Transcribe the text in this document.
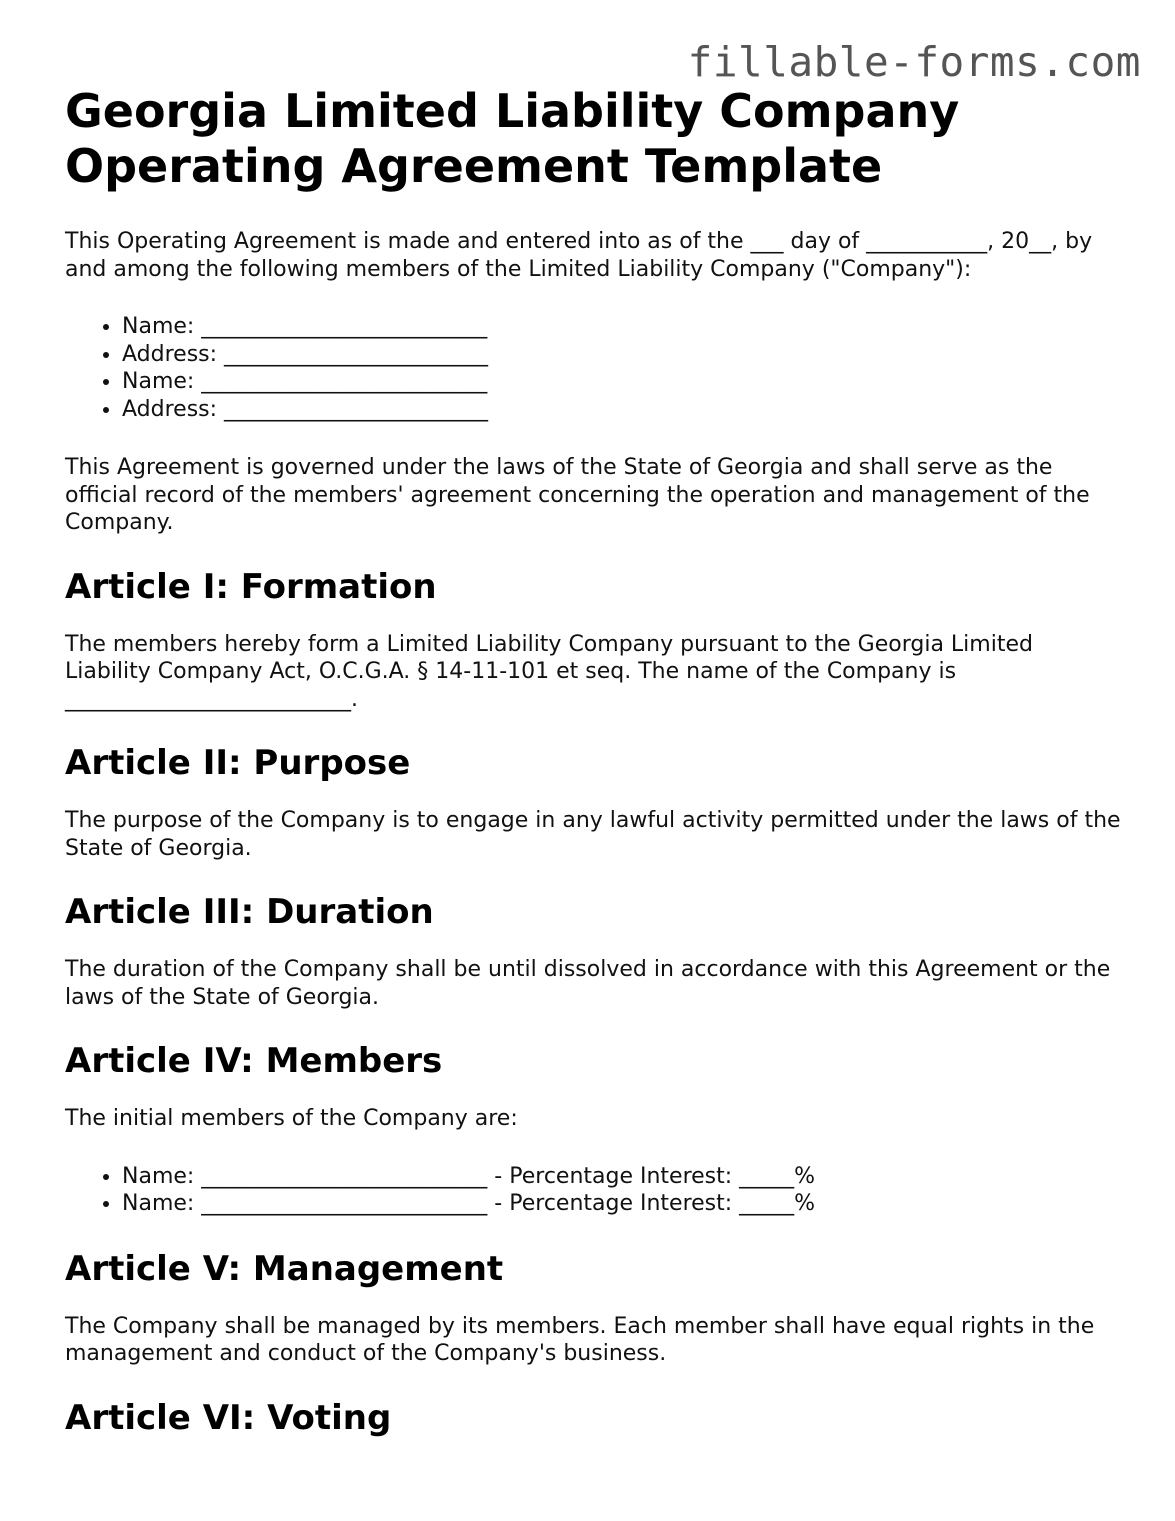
fillable-forms.com
Georgia Limited Liability Company Operating Agreement Template

This Operating Agreement is made and entered into as of the ___ day of ___________, 20__, by and among the following members of the Limited Liability Company ("Company"):

• Name: __________________________
• Address: ________________________
• Name: __________________________
• Address: ________________________

This Agreement is governed under the laws of the State of Georgia and shall serve as the official record of the members' agreement concerning the operation and management of the Company.

Article I: Formation

The members hereby form a Limited Liability Company pursuant to the Georgia Limited Liability Company Act, O.C.G.A. § 14-11-101 et seq. The name of the Company is __________________________.

Article II: Purpose

The purpose of the Company is to engage in any lawful activity permitted under the laws of the State of Georgia.

Article III: Duration

The duration of the Company shall be until dissolved in accordance with this Agreement or the laws of the State of Georgia.

Article IV: Members

The initial members of the Company are:

• Name: __________________________ - Percentage Interest: _____%
• Name: __________________________ - Percentage Interest: _____%
Article V: Management

The Company shall be managed by its members. Each member shall have equal rights in the management and conduct of the Company's business.

Article VI: Voting
